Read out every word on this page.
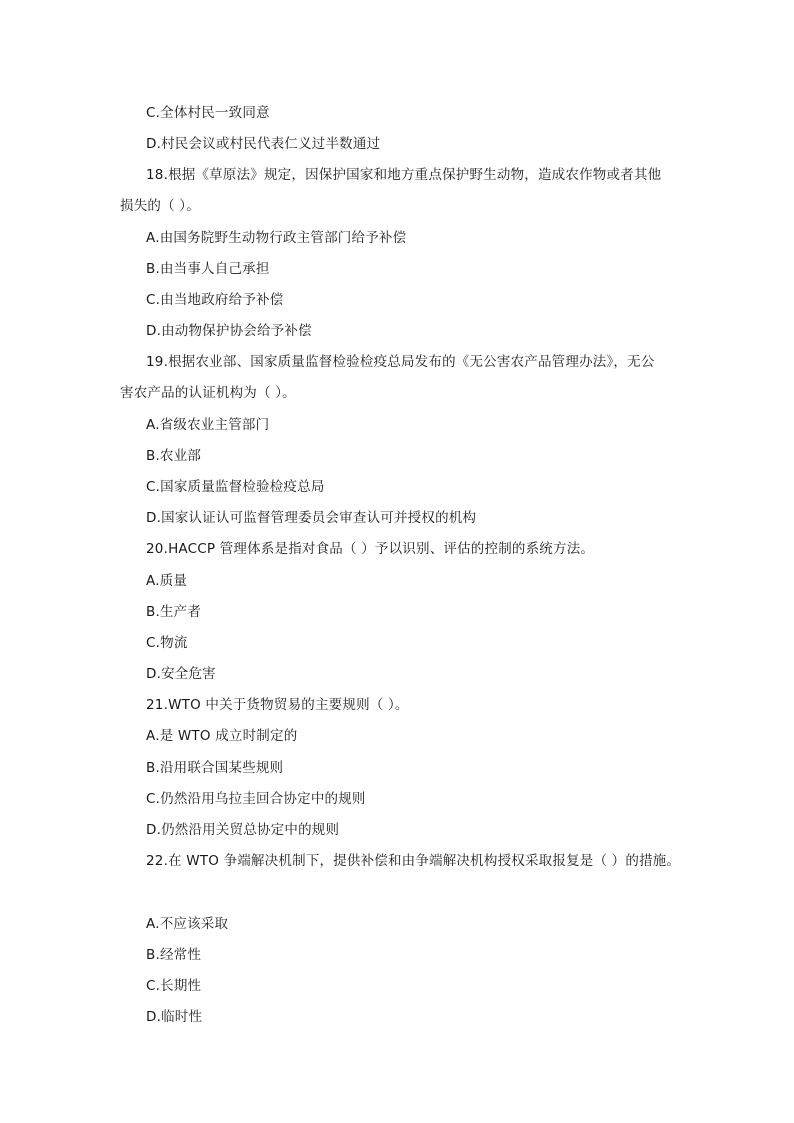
C.全体村民一致同意
D.村民会议或村民代表仁义过半数通过
18.根据《草原法》规定，因保护国家和地方重点保护野生动物，造成农作物或者其他
损失的（ ）。
A.由国务院野生动物行政主管部门给予补偿
B.由当事人自己承担
C.由当地政府给予补偿
D.由动物保护协会给予补偿
19.根据农业部、国家质量监督检验检疫总局发布的《无公害农产品管理办法》，无公
害农产品的认证机构为（ ）。
A.省级农业主管部门
B.农业部
C.国家质量监督检验检疫总局
D.国家认证认可监督管理委员会审查认可并授权的机构
20.HACCP 管理体系是指对食品（ ）予以识别、评估的控制的系统方法。
A.质量
B.生产者
C.物流
D.安全危害
21.WTO 中关于货物贸易的主要规则（ ）。
A.是 WTO 成立时制定的
B.沿用联合国某些规则
C.仍然沿用乌拉圭回合协定中的规则
D.仍然沿用关贸总协定中的规则
22.在 WTO 争端解决机制下，提供补偿和由争端解决机构授权采取报复是（ ）的措施。
A.不应该采取
B.经常性
C.长期性
D.临时性
